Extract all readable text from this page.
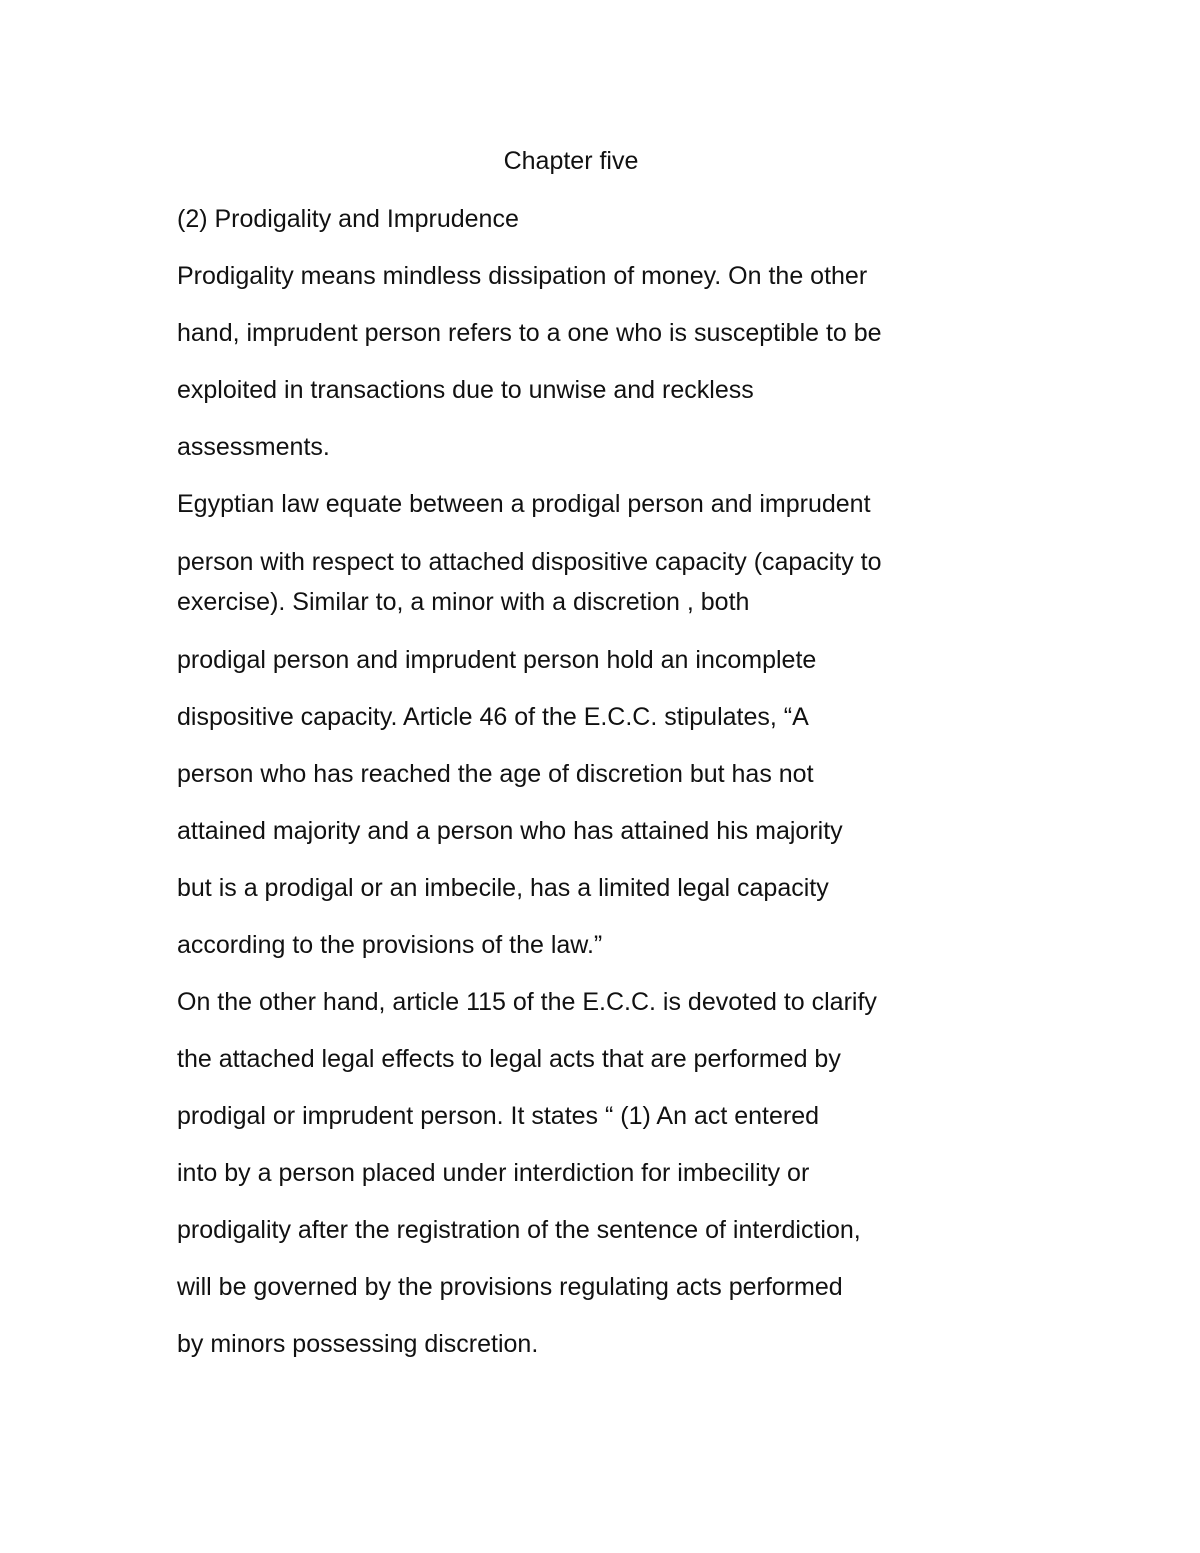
Chapter five

(2) Prodigality and Imprudence

Prodigality means mindless dissipation of money. On the other

hand, imprudent person refers to a one who is susceptible to be

exploited in transactions due to unwise and reckless

assessments.

Egyptian law equate between a prodigal person and imprudent

person with respect to attached dispositive capacity (capacity to

exercise). Similar to, a minor with a discretion , both

prodigal person and imprudent person hold an incomplete

dispositive capacity. Article 46 of the E.C.C. stipulates, “A

person who has reached the age of discretion but has not

attained majority and a person who has attained his majority

but is a prodigal or an imbecile, has a limited legal capacity

according to the provisions of the law.”

On the other hand, article 115 of the E.C.C. is devoted to clarify

the attached legal effects to legal acts that are performed by

prodigal or imprudent person. It states “ (1) An act entered

into by a person placed under interdiction for imbecility or

prodigality after the registration of the sentence of interdiction,

will be governed by the provisions regulating acts performed

by minors possessing discretion.
